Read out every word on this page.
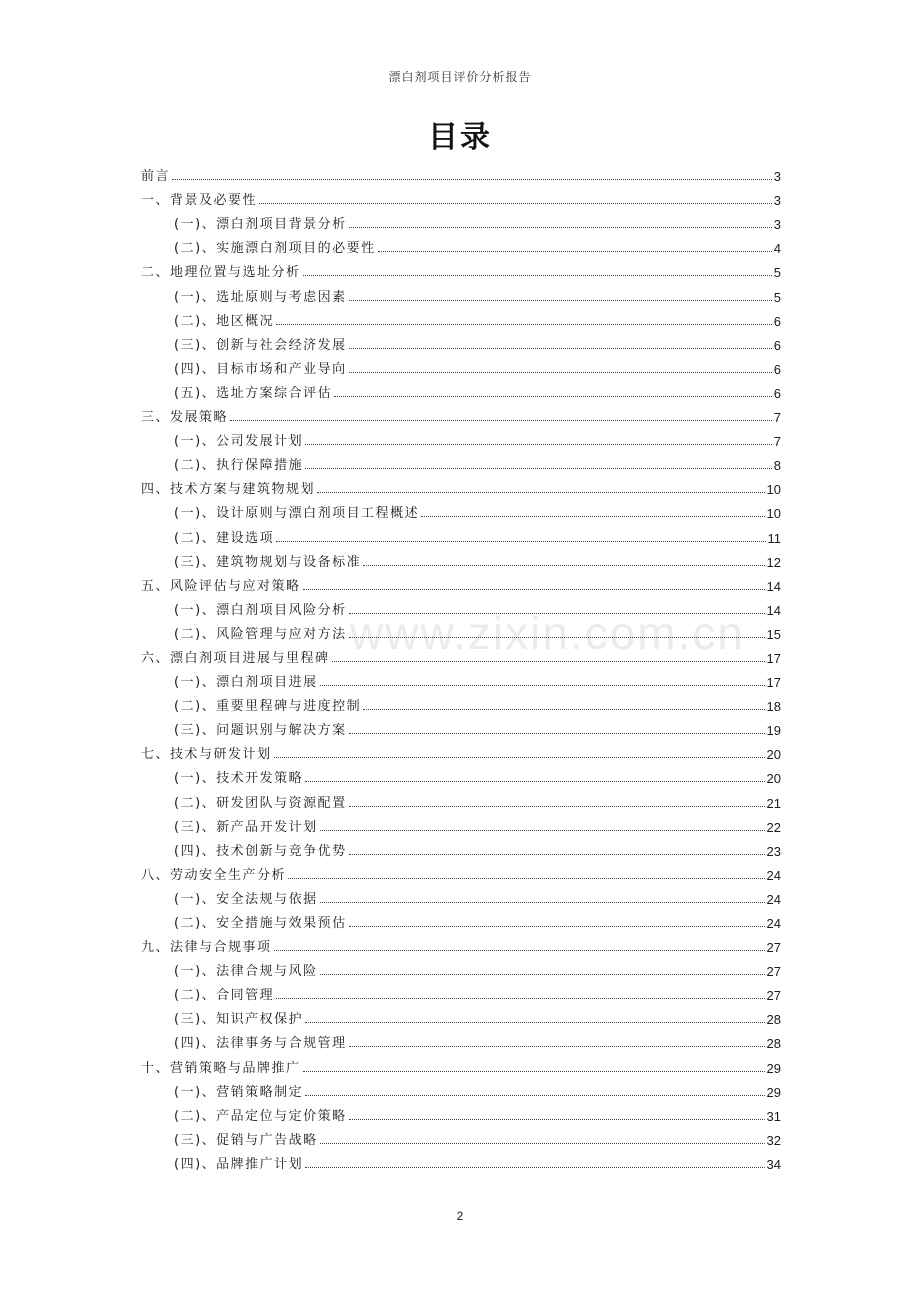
漂白剂项目评价分析报告
目录
www.zixin.com.cn
前言	3
一、背景及必要性	3
(一)、漂白剂项目背景分析	3
(二)、实施漂白剂项目的必要性	4
二、地理位置与选址分析	5
(一)、选址原则与考虑因素	5
(二)、地区概况	6
(三)、创新与社会经济发展	6
(四)、目标市场和产业导向	6
(五)、选址方案综合评估	6
三、发展策略	7
(一)、公司发展计划	7
(二)、执行保障措施	8
四、技术方案与建筑物规划	10
(一)、设计原则与漂白剂项目工程概述	10
(二)、建设选项	11
(三)、建筑物规划与设备标准	12
五、风险评估与应对策略	14
(一)、漂白剂项目风险分析	14
(二)、风险管理与应对方法	15
六、漂白剂项目进展与里程碑	17
(一)、漂白剂项目进展	17
(二)、重要里程碑与进度控制	18
(三)、问题识别与解决方案	19
七、技术与研发计划	20
(一)、技术开发策略	20
(二)、研发团队与资源配置	21
(三)、新产品开发计划	22
(四)、技术创新与竞争优势	23
八、劳动安全生产分析	24
(一)、安全法规与依据	24
(二)、安全措施与效果预估	24
九、法律与合规事项	27
(一)、法律合规与风险	27
(二)、合同管理	27
(三)、知识产权保护	28
(四)、法律事务与合规管理	28
十、营销策略与品牌推广	29
(一)、营销策略制定	29
(二)、产品定位与定价策略	31
(三)、促销与广告战略	32
(四)、品牌推广计划	34
2
